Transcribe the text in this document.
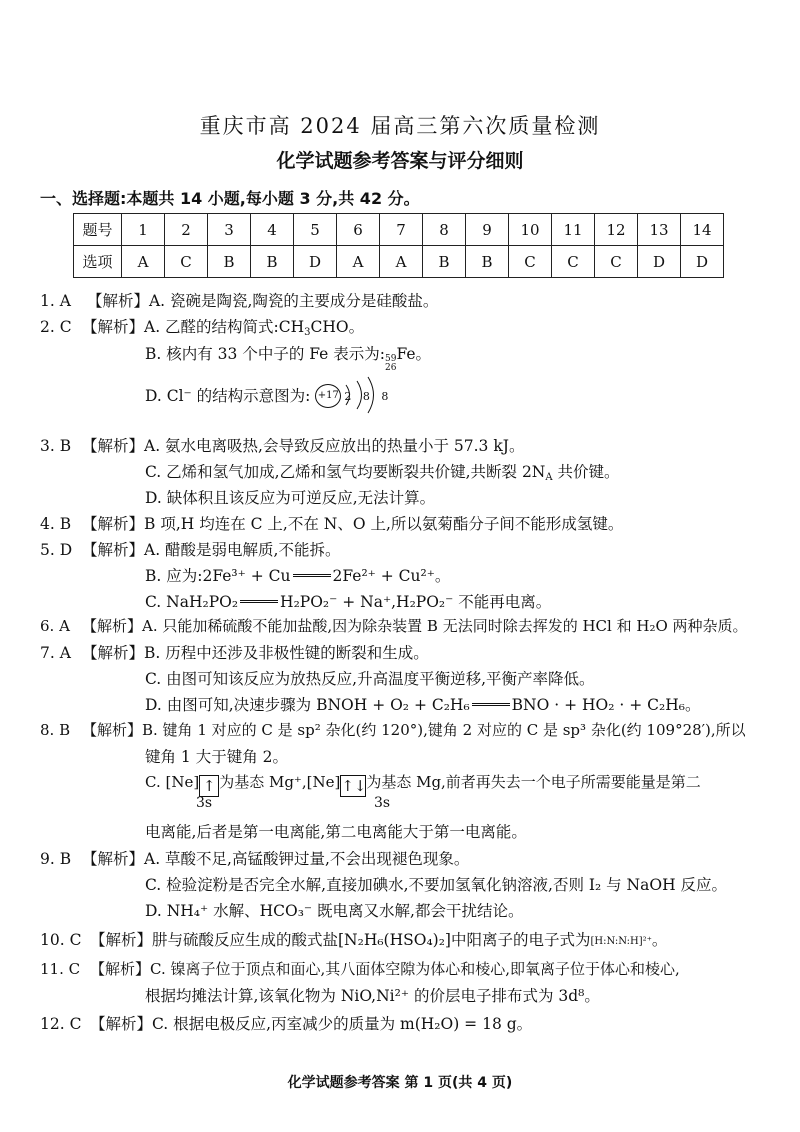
重庆市高 2024 届高三第六次质量检测
化学试题参考答案与评分细则
一、选择题:本题共 14 小题,每小题 3 分,共 42 分。
题号	1	2	3	4	5	6	7	8	9	10	11	12	13	14
选项	A	C	B	B	D	A	A	B	B	C	C	C	D	D
1. A 【解析】A. 瓷碗是陶瓷,陶瓷的主要成分是硅酸盐。
2. C 【解析】A. 乙醛的结构简式$:CH_3CHO$。
B. 核内有 33 个中子的 Fe 表示为: 59
26
Fe。
D. Cl⁻ 的结构示意图为: +17 2 8 8
3. B 【解析】A. 氨水电离吸热,会导致反应放出的热量小于 57.3 kJ。
C. 乙烯和氢气加成,乙烯和氢气均要断裂共价键,共断裂 $2N_A$ 共价键。
D. 缺体积且该反应为可逆反应,无法计算。
4. B 【解析】B 项,H 均连在 C 上,不在 N、O 上,所以氨菊酯分子间不能形成氢键。
5. D 【解析】A. 醋酸是弱电解质,不能拆。
B. 应为:2Fe³⁺ + Cu	2Fe²⁺ + Cu²⁺。
C. NaH₂PO₂	H₂PO₂⁻ + Na⁺,H₂PO₂⁻ 不能再电离。
6. A 【解析】A. 只能加稀硫酸不能加盐酸,因为除杂装置 B 无法同时除去挥发的 HCl 和 H₂O 两种杂质。
7. A 【解析】B. 历程中还涉及非极性键的断裂和生成。
C. 由图可知该反应为放热反应,升高温度平衡逆移,平衡产率降低。
D. 由图可知,决速步骤为 BNOH + O₂ + C₂H₆	BNO · + HO₂ · + C₂H₆。
8. B 【解析】B. 键角 1 对应的 C 是 sp² 杂化(约 120°),键角 2 对应的 C 是 sp³ 杂化(约 109°28′),所以
键角 1 大于键角 2。
C. [Ne] ↑ 为基态 Mg⁺,[Ne]↑↓为基态 Mg,前者再失去一个电子所需要能量是第二
3s	3s
电离能,后者是第一电离能,第二电离能大于第一电离能。
9. B 【解析】A. 草酸不足,高锰酸钾过量,不会出现褪色现象。
C. 检验淀粉是否完全水解,直接加碘水,不要加氢氧化钠溶液,否则 I₂ 与 NaOH 反应。
D. NH₄⁺ 水解、HCO₃⁻ 既电离又水解,都会干扰结论。
10. C 【解析】肼与硫酸反应生成的酸式盐[N₂H₆(HSO₄)₂]中阳离子的电子式为[H:N:N:H]²⁺。
11. C 【解析】C. 镍离子位于顶点和面心,其八面体空隙为体心和棱心,即氧离子位于体心和棱心,
根据均摊法计算,该氧化物为 NiO,Ni²⁺ 的价层电子排布式为 3d⁸。
12. C 【解析】C. 根据电极反应,丙室减少的质量为 m(H₂O) = 18 g。
化学试题参考答案 第 1 页(共 4 页)
